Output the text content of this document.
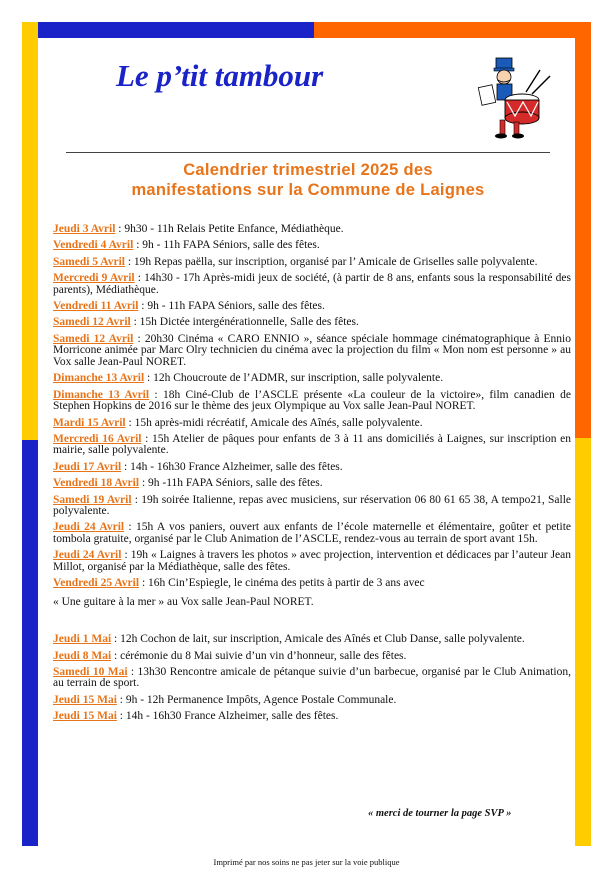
Le p’tit tambour
Calendrier trimestriel 2025 des
manifestations sur la Commune de Laignes
Jeudi 3 Avril : 9h30 - 11h Relais Petite Enfance, Médiathèque.
Vendredi 4 Avril : 9h - 11h FAPA Séniors, salle des fêtes.
Samedi 5 Avril : 19h Repas paëlla, sur inscription, organisé par l’ Amicale de Griselles salle polyvalente.
Mercredi 9 Avril : 14h30 - 17h Après-midi jeux de société, (à partir de 8 ans, enfants sous la responsabilité des parents), Médiathèque.
Vendredi 11 Avril : 9h - 11h FAPA Séniors, salle des fêtes.
Samedi 12 Avril : 15h Dictée intergénérationnelle, Salle des fêtes.
Samedi 12 Avril : 20h30 Cinéma « CARO ENNIO », séance spéciale hommage cinématographique à Ennio Morricone animée par Marc Olry technicien du cinéma avec la projection du film « Mon nom est personne » au Vox salle Jean-Paul NORET.
Dimanche 13 Avril : 12h Choucroute de l’ADMR, sur inscription, salle polyvalente.
Dimanche 13 Avril : 18h Ciné-Club de l’ASCLE présente «La couleur de la victoire», film canadien de Stephen Hopkins de 2016 sur le thème des jeux Olympique au Vox salle Jean-Paul NORET.
Mardi 15 Avril : 15h après-midi récréatif, Amicale des Aînés, salle polyvalente.
Mercredi 16 Avril : 15h Atelier de pâques pour enfants de 3 à 11 ans domiciliés à Laignes, sur inscription en mairie, salle polyvalente.
Jeudi 17 Avril : 14h - 16h30 France Alzheimer, salle des fêtes.
Vendredi 18 Avril : 9h -11h FAPA Séniors, salle des fêtes.
Samedi 19 Avril : 19h soirée Italienne, repas avec musiciens, sur réservation 06 80 61 65 38, A tempo21, Salle polyvalente.
Jeudi 24 Avril : 15h A vos paniers, ouvert aux enfants de l’école maternelle et élémentaire, goûter et petite tombola gratuite, organisé par le Club Animation de l’ASCLE, rendez-vous au terrain de sport avant 15h.
Jeudi 24 Avril : 19h « Laignes à travers les photos » avec projection, intervention et dédicaces par l’auteur Jean Millot, organisé par la Médiathèque, salle des fêtes.
Vendredi 25 Avril : 16h Cin’Espìegle, le cinéma des petits à partir de 3 ans avec
« Une guitare à la mer » au Vox salle Jean-Paul NORET.
Jeudi 1 Mai : 12h Cochon de lait, sur inscription, Amicale des Aînés et Club Danse, salle polyvalente.
Jeudi 8 Mai : cérémonie du 8 Mai suivie d’un vin d’honneur, salle des fêtes.
Samedi 10 Mai : 13h30 Rencontre amicale de pétanque suivie d’un barbecue, organisé par le Club Animation, au terrain de sport.
Jeudi 15 Mai : 9h - 12h Permanence Impôts, Agence Postale Communale.
Jeudi 15 Mai : 14h - 16h30 France Alzheimer, salle des fêtes.
« merci de tourner la page SVP »
Imprimé par nos soins ne pas jeter sur la voie publique
